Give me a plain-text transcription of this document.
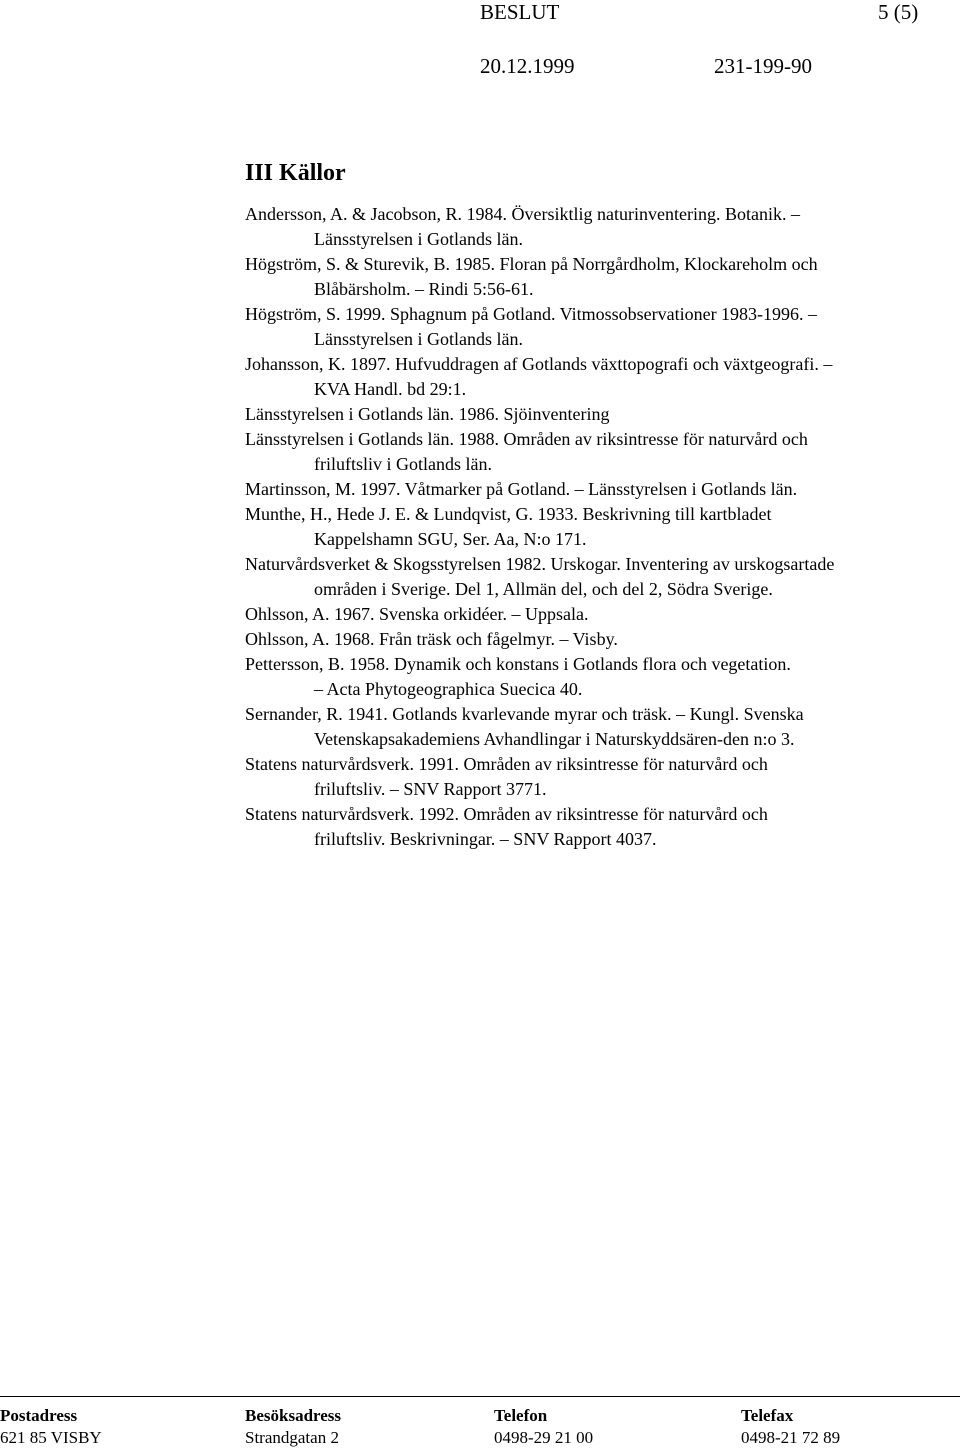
BESLUT	5 (5)
20.12.1999	231-199-90
III Källor
Andersson, A. & Jacobson, R. 1984. Översiktlig naturinventering. Botanik. –
Länsstyrelsen i Gotlands län.
Högström, S. & Sturevik, B. 1985. Floran på Norrgårdholm, Klockareholm och
Blåbärsholm. – Rindi 5:56-61.
Högström, S. 1999. Sphagnum på Gotland. Vitmossobservationer 1983-1996. –
Länsstyrelsen i Gotlands län.
Johansson, K. 1897. Hufvuddragen af Gotlands växttopografi och växtgeografi. –
KVA Handl. bd 29:1.
Länsstyrelsen i Gotlands län. 1986. Sjöinventering
Länsstyrelsen i Gotlands län. 1988. Områden av riksintresse för naturvård och
friluftsliv i Gotlands län.
Martinsson, M. 1997. Våtmarker på Gotland. – Länsstyrelsen i Gotlands län.
Munthe, H., Hede J. E. & Lundqvist, G. 1933. Beskrivning till kartbladet
Kappelshamn SGU, Ser. Aa, N:o 171.
Naturvårdsverket & Skogsstyrelsen 1982. Urskogar. Inventering av urskogsartade
områden i Sverige. Del 1, Allmän del, och del 2, Södra Sverige.
Ohlsson, A. 1967. Svenska orkidéer. – Uppsala.
Ohlsson, A. 1968. Från träsk och fågelmyr. – Visby.
Pettersson, B. 1958. Dynamik och konstans i Gotlands flora och vegetation.
– Acta Phytogeographica Suecica 40.
Sernander, R. 1941. Gotlands kvarlevande myrar och träsk. – Kungl. Svenska
Vetenskapsakademiens Avhandlingar i Naturskyddsären-den n:o 3.
Statens naturvårdsverk. 1991. Områden av riksintresse för naturvård och
friluftsliv. – SNV Rapport 3771.
Statens naturvårdsverk. 1992. Områden av riksintresse för naturvård och
friluftsliv. Beskrivningar. – SNV Rapport 4037.
Postadress
621 85 VISBY
Besöksadress
Strandgatan 2
Telefon
0498-29 21 00
Telefax
0498-21 72 89
